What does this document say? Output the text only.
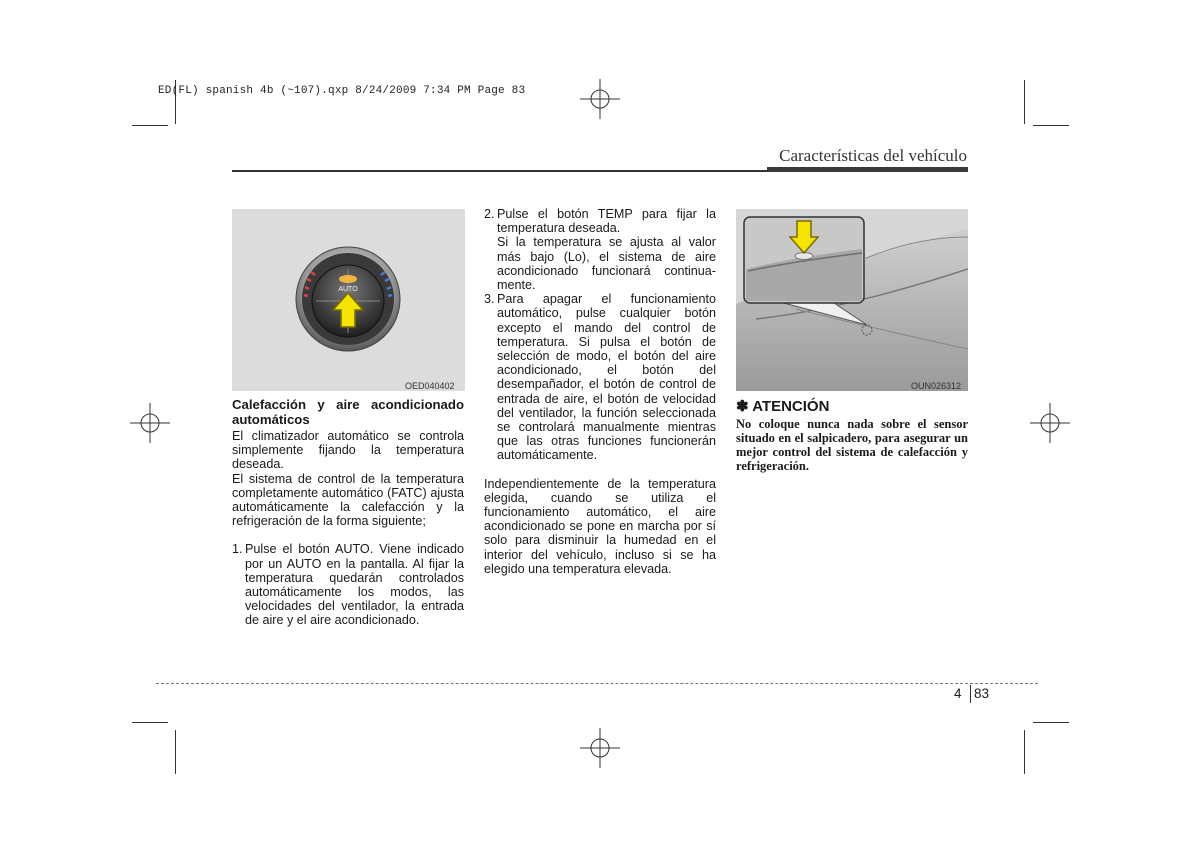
ED(FL) spanish 4b (~107).qxp 8/24/2009 7:34 PM Page 83
Características del vehículo
AUTO
OED040402
Calefacción y aire acondicionado automáticos

El climatizador automático se controla simplemente fijando la temperatura deseada.

El sistema de control de la temperatura completamente automático (FATC) ajusta automáticamente la calefacción y la refrigeración de la forma siguiente;

1. Pulse el botón AUTO. Viene indicado por un AUTO en la pantalla. Al fijar la temperatura quedarán controlados automáticamente los modos, las velocidades del ventilador, la entrada de aire y el aire acondicionado.
2. Pulse el botón TEMP para fijar la temperatura deseada.

Si la temperatura se ajusta al valor más bajo (Lo), el sistema de aire acondicionado funcionará continua-mente.

3. Para apagar el funcionamiento automático, pulse cualquier botón excepto el mando del control de temperatura. Si pulsa el botón de selección de modo, el botón del aire acondicionado, el botón del desempañador, el botón de control de entrada de aire, el botón de velocidad del ventilador, la función seleccionada se controlará manualmente mientras que las otras funciones funcionerán automáticamente.

Independientemente de la temperatura elegida, cuando se utiliza el funcionamiento automático, el aire acondicionado se pone en marcha por sí solo para disminuir la humedad en el interior del vehículo, incluso si se ha elegido una temperatura elevada.

OUN026312
✽ ATENCIÓN
No coloque nunca nada sobre el sensor situado en el salpicadero, para asegurar un mejor control del sistema de calefacción y refrigeración.
4 83
